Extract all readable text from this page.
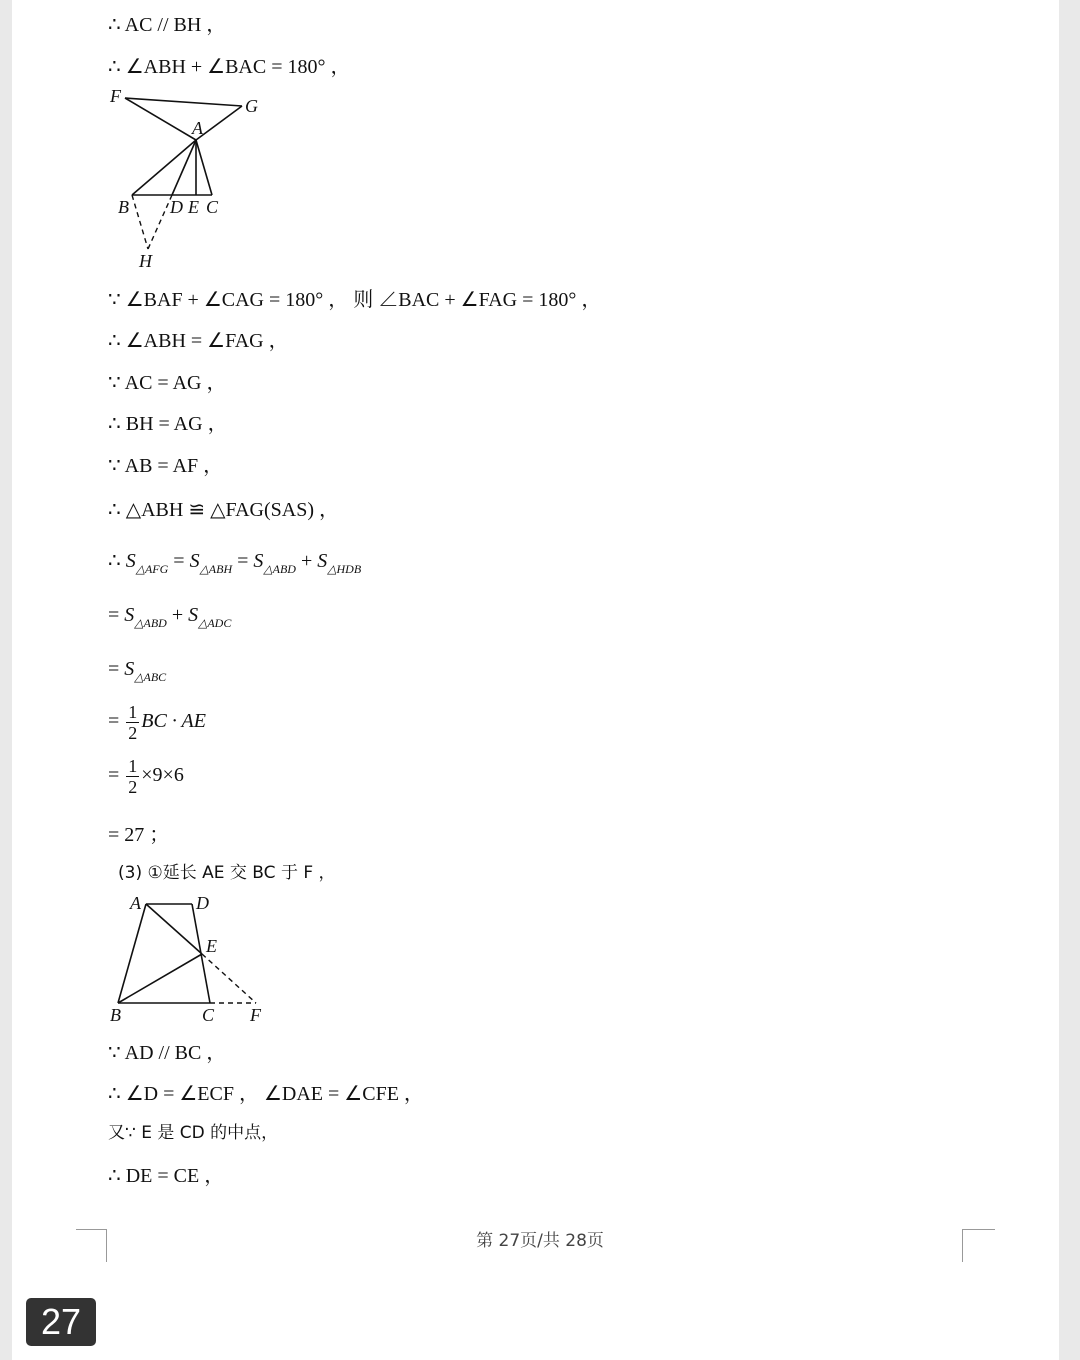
∴ AC // BH ，
∴ ∠ABH + ∠BAC = 180° ，
F	G
A
B D E C
H
∵ ∠BAF + ∠CAG = 180° ， 则 ∠BAC + ∠FAG = 180° ，
∴ ∠ABH = ∠FAG ，
∵ AC = AG ，
∴ BH = AG ，
∵ AB = AF ，
∴ △ABH ≌ △FAG(SAS) ，
∴ $S_{\triangle AFG} = S_{\triangle ABH} = S_{\triangle ABD} + S_{\triangle HDB}$
= $S_{\triangle ABD} + S_{\triangle ADC}$
= $S_{\triangle ABC}$
= $\frac{1}{2}$ BC · AE
= $\frac{1}{2} \times 9\times 6$
= 27 ；
(3) ①延长 AE 交 BC 于 F ，
A	D
E
B	C F
∵ AD // BC ，
∴ ∠D = ∠ECF ， ∠DAE = ∠CFE ，
又∵ E 是 CD 的中点，
∴ DE = CE ，
第 27页/共 28页
27
